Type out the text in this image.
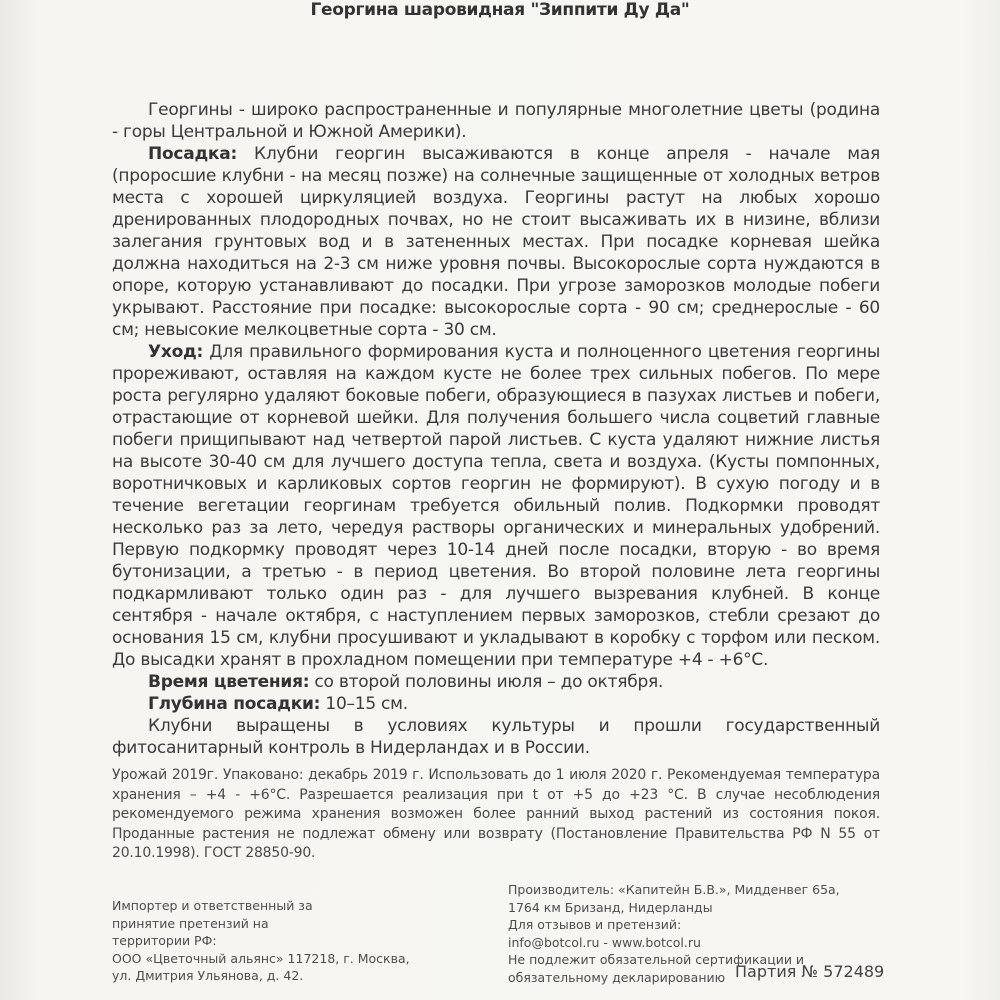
Георгина шаровидная "Зиппити Ду Да"

Георгины - широко распространенные и популярные многолетние цветы (родина - горы Центральной и Южной Америки).

Посадка: Клубни георгин высаживаются в конце апреля - начале мая (проросшие клубни - на месяц позже) на солнечные защищенные от холодных ветров места с хорошей циркуляцией воздуха. Георгины растут на любых хорошо дренированных плодородных почвах, но не стоит высаживать их в низине, вблизи залегания грунтовых вод и в затененных местах. При посадке корневая шейка должна находиться на 2-3 см ниже уровня почвы. Высокорослые сорта нуждаются в опоре, которую устанавливают до посадки. При угрозе заморозков молодые побеги укрывают. Расстояние при посадке: высокорослые сорта - 90 см; среднерослые - 60 см; невысокие мелкоцветные сорта - 30 см.

Уход: Для правильного формирования куста и полноценного цветения георгины прореживают, оставляя на каждом кусте не более трех сильных побегов. По мере роста регулярно удаляют боковые побеги, образующиеся в пазухах листьев и побеги, отрастающие от корневой шейки. Для получения большего числа соцветий главные побеги прищипывают над четвертой парой листьев. С куста удаляют нижние листья на высоте 30-40 см для лучшего доступа тепла, света и воздуха. (Кусты помпонных, воротничковых и карликовых сортов георгин не формируют). В сухую погоду и в течение вегетации георгинам требуется обильный полив. Подкормки проводят несколько раз за лето, чередуя растворы органических и минеральных удобрений. Первую подкормку проводят через 10-14 дней после посадки, вторую - во время бутонизации, а третью - в период цветения. Во второй половине лета георгины подкармливают только один раз - для лучшего вызревания клубней. В конце сентября - начале октября, с наступлением первых заморозков, стебли срезают до основания 15 см, клубни просушивают и укладывают в коробку с торфом или песком. До высадки хранят в прохладном помещении при температуре +4 - +6°C.

Время цветения: со второй половины июля – до октября.

Глубина посадки: 10–15 см.

Клубни выращены в условиях культуры и прошли государственный фитосанитарный контроль в Нидерландах и в России.

Урожай 2019г. Упаковано: декабрь 2019 г. Использовать до 1 июля 2020 г. Рекомендуемая температура хранения – +4 - +6°C. Разрешается реализация при t от +5 до +23 °C. В случае несоблюдения рекомендуемого режима хранения возможен более ранний выход растений из состояния покоя. Проданные растения не подлежат обмену или возврату (Постановление Правительства РФ N 55 от 20.10.1998). ГОСТ 28850-90.

Импортер и ответственный за
принятие претензий на
территории РФ:
ООО «Цветочный альянс» 117218, г. Москва,
ул. Дмитрия Ульянова, д. 42.
Производитель: «Капитейн Б.В.», Мидденвег 65а,
1764 км Бризанд, Нидерланды
Для отзывов и претензий:
info@botcol.ru - www.botcol.ru
Не подлежит обязательной сертификации и
обязательному декларированию Партия № 572489
